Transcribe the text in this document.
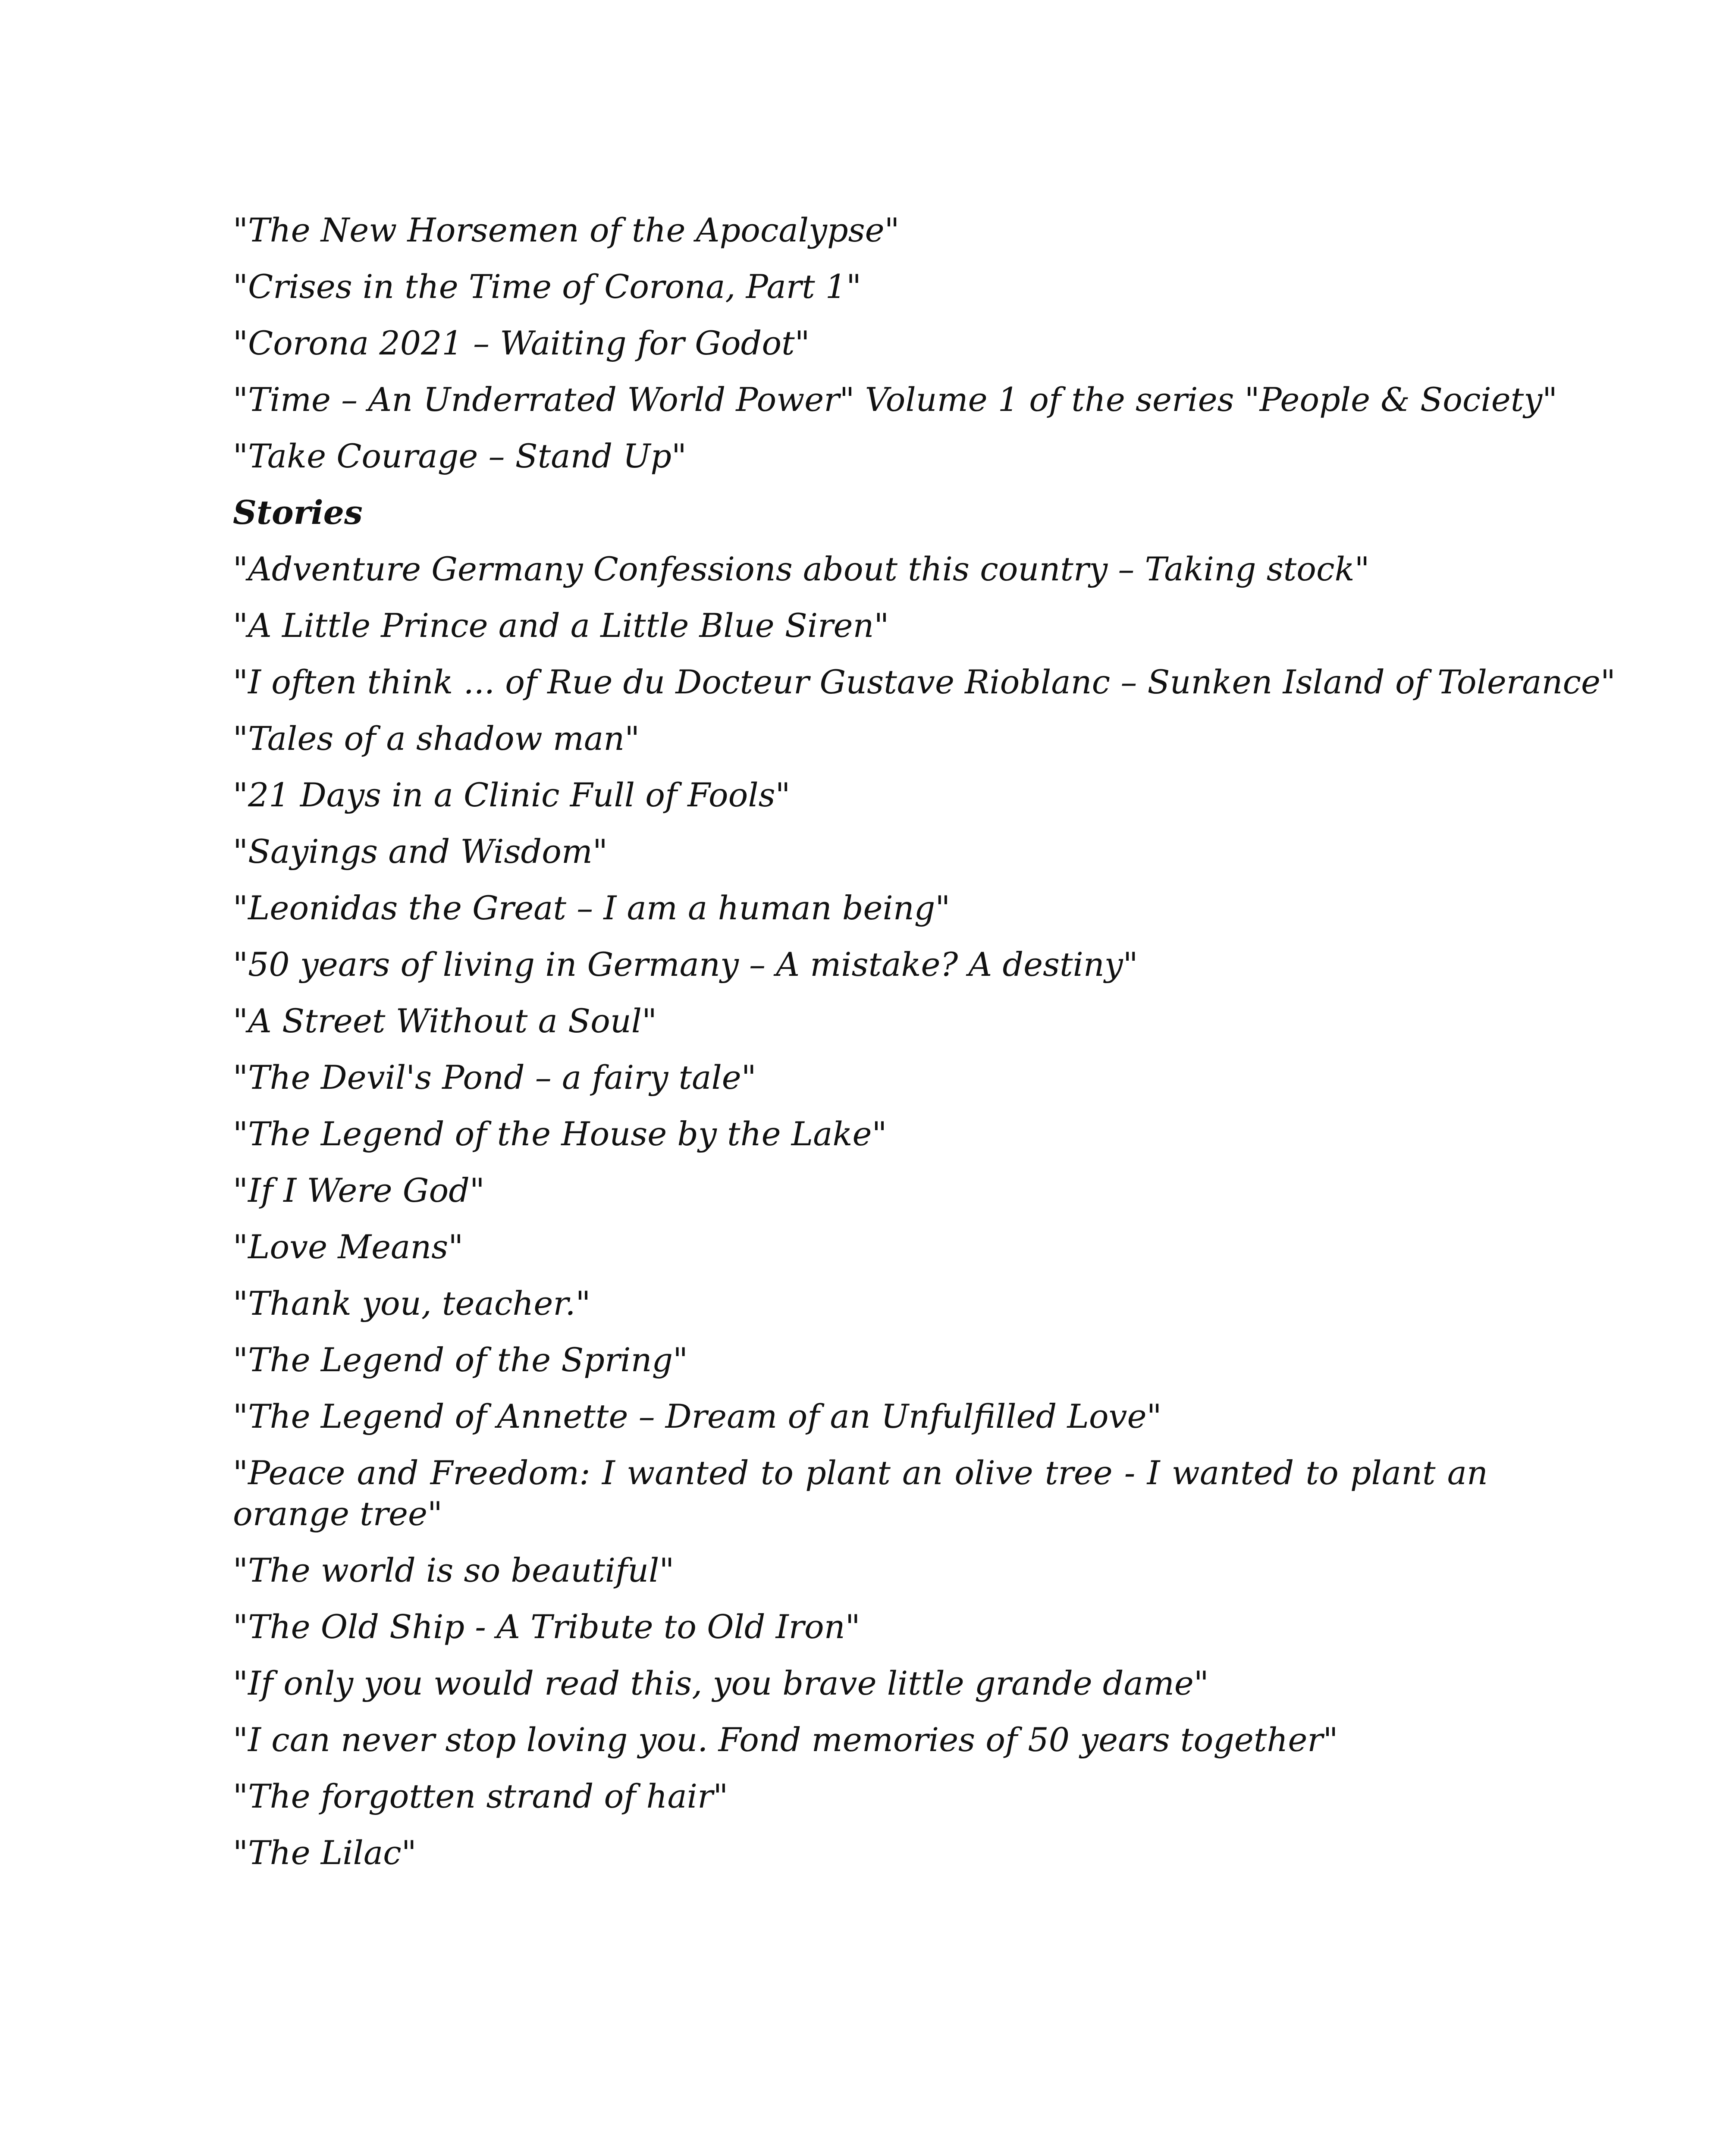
"The New Horsemen of the Apocalypse"
"Crises in the Time of Corona, Part 1"
"Corona 2021 – Waiting for Godot"
"Time – An Underrated World Power" Volume 1 of the series "People & Society"
"Take Courage – Stand Up"
Stories
"Adventure Germany Confessions about this country – Taking stock"
"A Little Prince and a Little Blue Siren"
"I often think ... of Rue du Docteur Gustave Rioblanc – Sunken Island of Tolerance"
"Tales of a shadow man"
"21 Days in a Clinic Full of Fools"
"Sayings and Wisdom"
"Leonidas the Great – I am a human being"
"50 years of living in Germany – A mistake? A destiny"
"A Street Without a Soul"
"The Devil's Pond – a fairy tale"
"The Legend of the House by the Lake"
"If I Were God"
"Love Means"
"Thank you, teacher."
"The Legend of the Spring"
"The Legend of Annette – Dream of an Unfulfilled Love"
"Peace and Freedom: I wanted to plant an olive tree - I wanted to plant an orange tree"
"The world is so beautiful"
"The Old Ship - A Tribute to Old Iron"
"If only you would read this, you brave little grande dame"
"I can never stop loving you. Fond memories of 50 years together"
"The forgotten strand of hair"
"The Lilac"
